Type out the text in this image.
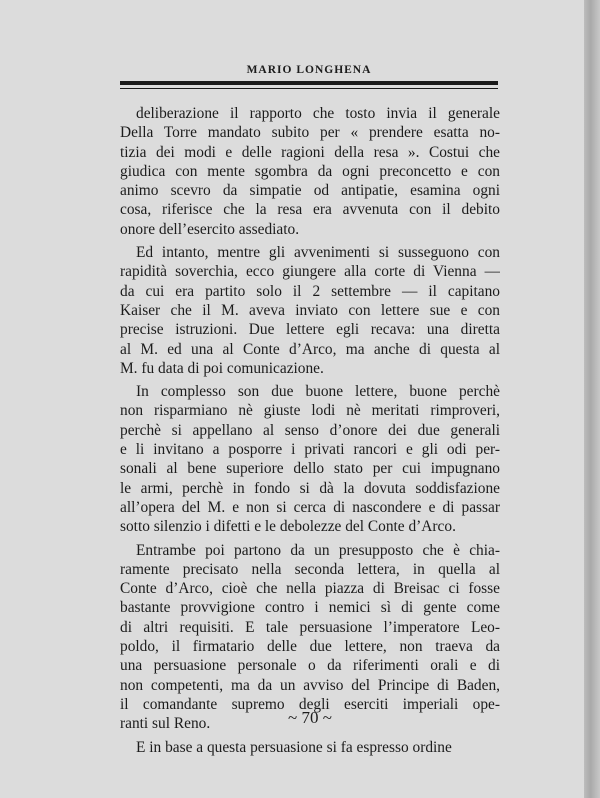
MARIO LONGHENA
deliberazione il rapporto che tosto invia il generale
Della Torre mandato subito per « prendere esatta no-
tizia dei modi e delle ragioni della resa ». Costui che
giudica con mente sgombra da ogni preconcetto e con
animo scevro da simpatie od antipatie, esamina ogni
cosa, riferisce che la resa era avvenuta con il debito
onore dell’esercito assediato.
Ed intanto, mentre gli avvenimenti si susseguono con
rapidità soverchia, ecco giungere alla corte di Vienna —
da cui era partito solo il 2 settembre — il capitano
Kaiser che il M. aveva inviato con lettere sue e con
precise istruzioni. Due lettere egli recava: una diretta
al M. ed una al Conte d’Arco, ma anche di questa al
M. fu data di poi comunicazione.
In complesso son due buone lettere, buone perchè
non risparmiano nè giuste lodi nè meritati rimproveri,
perchè si appellano al senso d’onore dei due generali
e li invitano a posporre i privati rancori e gli odi per-
sonali al bene superiore dello stato per cui impugnano
le armi, perchè in fondo si dà la dovuta soddisfazione
all’opera del M. e non si cerca di nascondere e di passar
sotto silenzio i difetti e le debolezze del Conte d’Arco.
Entrambe poi partono da un presupposto che è chia-
ramente precisato nella seconda lettera, in quella al
Conte d’Arco, cioè che nella piazza di Breisac ci fosse
bastante provvigione contro i nemici sì di gente come
di altri requisiti. E tale persuasione l’imperatore Leo-
poldo, il firmatario delle due lettere, non traeva da
una persuasione personale o da riferimenti orali e di
non competenti, ma da un avviso del Principe di Baden,
il comandante supremo degli eserciti imperiali ope-
ranti sul Reno.
E in base a questa persuasione si fa espresso ordine
~ 70 ~
